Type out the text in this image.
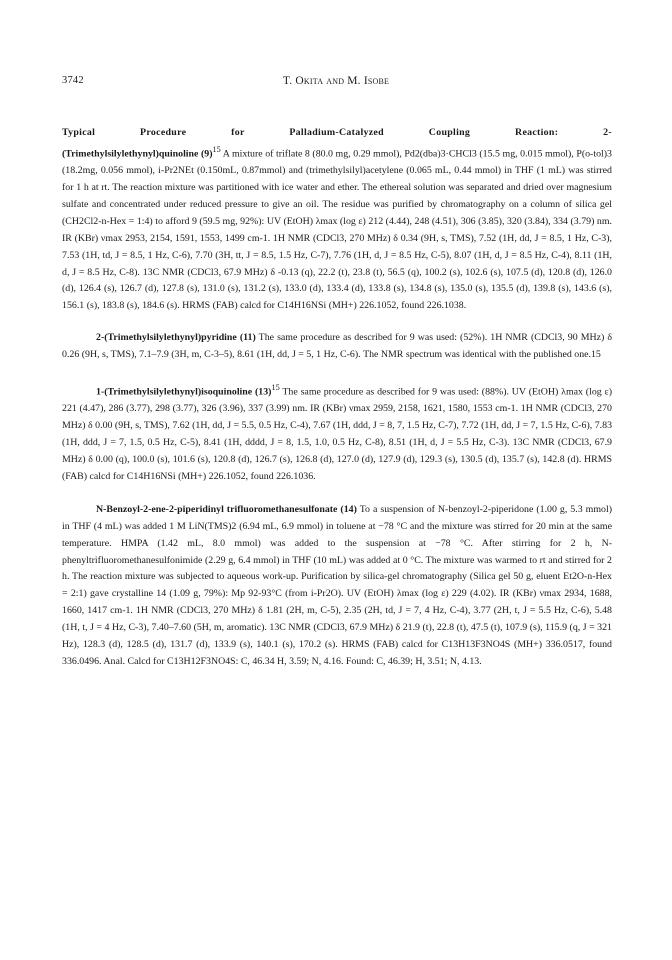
3742	T. Okita and M. Isobe

Typical Procedure for Palladium-Catalyzed Coupling Reaction: 2-
(Trimethylsilylethynyl)quinoline $(9)^{15}$ A mixture of triflate 8 (80.0 mg, 0.29 mmol), Pd2(dba)3·CHCl3 (15.5 mg, 0.015 mmol), P(o-tol)3 (18.2mg, 0.056 mmol), i-Pr2NEt (0.150mL, 0.87mmol) and (trimethylsilyl)acetylene (0.065 mL, 0.44 mmol) in THF (1 mL) was stirred for 1 h at rt. The reaction mixture was partitioned with ice water and ether. The ethereal solution was separated and dried over magnesium sulfate and concentrated under reduced pressure to give an oil. The residue was purified by chromatography on a column of silica gel (CH2Cl2-n-Hex = 1:4) to afford 9 (59.5 mg, 92%): UV (EtOH) λmax (log ε) 212 (4.44), 248 (4.51), 306 (3.85), 320 (3.84), 334 (3.79) nm. IR (KBr) νmax 2953, 2154, 1591, 1553, 1499 cm-1. 1H NMR (CDCl3, 270 MHz) δ 0.34 (9H, s, TMS), 7.52 (1H, dd, J = 8.5, 1 Hz, C-3), 7.53 (1H, td, J = 8.5, 1 Hz, C-6), 7.70 (3H, tt, J = 8.5, 1.5 Hz, C-7), 7.76 (1H, d, J = 8.5 Hz, C-5), 8.07 (1H, d, J = 8.5 Hz, C-4), 8.11 (1H, d, J = 8.5 Hz, C-8). 13C NMR (CDCl3, 67.9 MHz) δ -0.13 (q), 22.2 (t), 23.8 (t), 56.5 (q), 100.2 (s), 102.6 (s), 107.5 (d), 120.8 (d), 126.0 (d), 126.4 (s), 126.7 (d), 127.8 (s), 131.0 (s), 131.2 (s), 133.0 (d), 133.4 (d), 133.8 (s), 134.8 (s), 135.0 (s), 135.5 (d), 139.8 (s), 143.6 (s), 156.1 (s), 183.8 (s), 184.6 (s). HRMS (FAB) calcd for C14H16NSi (MH+) 226.1052, found 226.1038.

2-(Trimethylsilylethynyl)pyridine (11) The same procedure as described for 9 was used: (52%). 1H NMR (CDCl3, 90 MHz) δ 0.26 (9H, s, TMS), 7.1–7.9 (3H, m, C-3–5), 8.61 (1H, dd, J = 5, 1 Hz, C-6). The NMR spectrum was identical with the published one.15

1-(Trimethylsilylethynyl)isoquinoline $(13)^{15}$ The same procedure as described for 9 was used: (88%). UV (EtOH) λmax (log ε) 221 (4.47), 286 (3.77), 298 (3.77), 326 (3.96), 337 (3.99) nm. IR (KBr) νmax 2959, 2158, 1621, 1580, 1553 cm-1. 1H NMR (CDCl3, 270 MHz) δ 0.00 (9H, s, TMS), 7.62 (1H, dd, J = 5.5, 0.5 Hz, C-4), 7.67 (1H, ddd, J = 8, 7, 1.5 Hz, C-7), 7.72 (1H, dd, J = 7, 1.5 Hz, C-6), 7.83 (1H, ddd, J = 7, 1.5, 0.5 Hz, C-5), 8.41 (1H, dddd, J = 8, 1.5, 1.0, 0.5 Hz, C-8), 8.51 (1H, d, J = 5.5 Hz, C-3). 13C NMR (CDCl3, 67.9 MHz) δ 0.00 (q), 100.0 (s), 101.6 (s), 120.8 (d), 126.7 (s), 126.8 (d), 127.0 (d), 127.9 (d), 129.3 (s), 130.5 (d), 135.7 (s), 142.8 (d). HRMS (FAB) calcd for C14H16NSi (MH+) 226.1052, found 226.1036.

N-Benzoyl-2-ene-2-piperidinyl trifluoromethanesulfonate (14) To a suspension of N-benzoyl-2-piperidone (1.00 g, 5.3 mmol) in THF (4 mL) was added 1 M LiN(TMS)2 (6.94 mL, 6.9 mmol) in toluene at −78 °C and the mixture was stirred for 20 min at the same temperature. HMPA (1.42 mL, 8.0 mmol) was added to the suspension at −78 °C. After stirring for 2 h, N-phenyltrifluoromethanesulfonimide (2.29 g, 6.4 mmol) in THF (10 mL) was added at 0 °C. The mixture was warmed to rt and stirred for 2 h. The reaction mixture was subjected to aqueous work-up. Purification by silica-gel chromatography (Silica gel 50 g, eluent Et2O-n-Hex = 2:1) gave crystalline 14 (1.09 g, 79%): Mp 92-93°C (from i-Pr2O). UV (EtOH) λmax (log ε) 229 (4.02). IR (KBr) νmax 2934, 1688, 1660, 1417 cm-1. 1H NMR (CDCl3, 270 MHz) δ 1.81 (2H, m, C-5), 2.35 (2H, td, J = 7, 4 Hz, C-4), 3.77 (2H, t, J = 5.5 Hz, C-6), 5.48 (1H, t, J = 4 Hz, C-3), 7.40–7.60 (5H, m, aromatic). 13C NMR (CDCl3, 67.9 MHz) δ 21.9 (t), 22.8 (t), 47.5 (t), 107.9 (s), 115.9 (q, J = 321 Hz), 128.3 (d), 128.5 (d), 131.7 (d), 133.9 (s), 140.1 (s), 170.2 (s). HRMS (FAB) calcd for C13H13F3NO4S (MH+) 336.0517, found 336.0496. Anal. Calcd for C13H12F3NO4S: C, 46.34 H, 3.59; N, 4.16. Found: C, 46.39; H, 3.51; N, 4.13.
